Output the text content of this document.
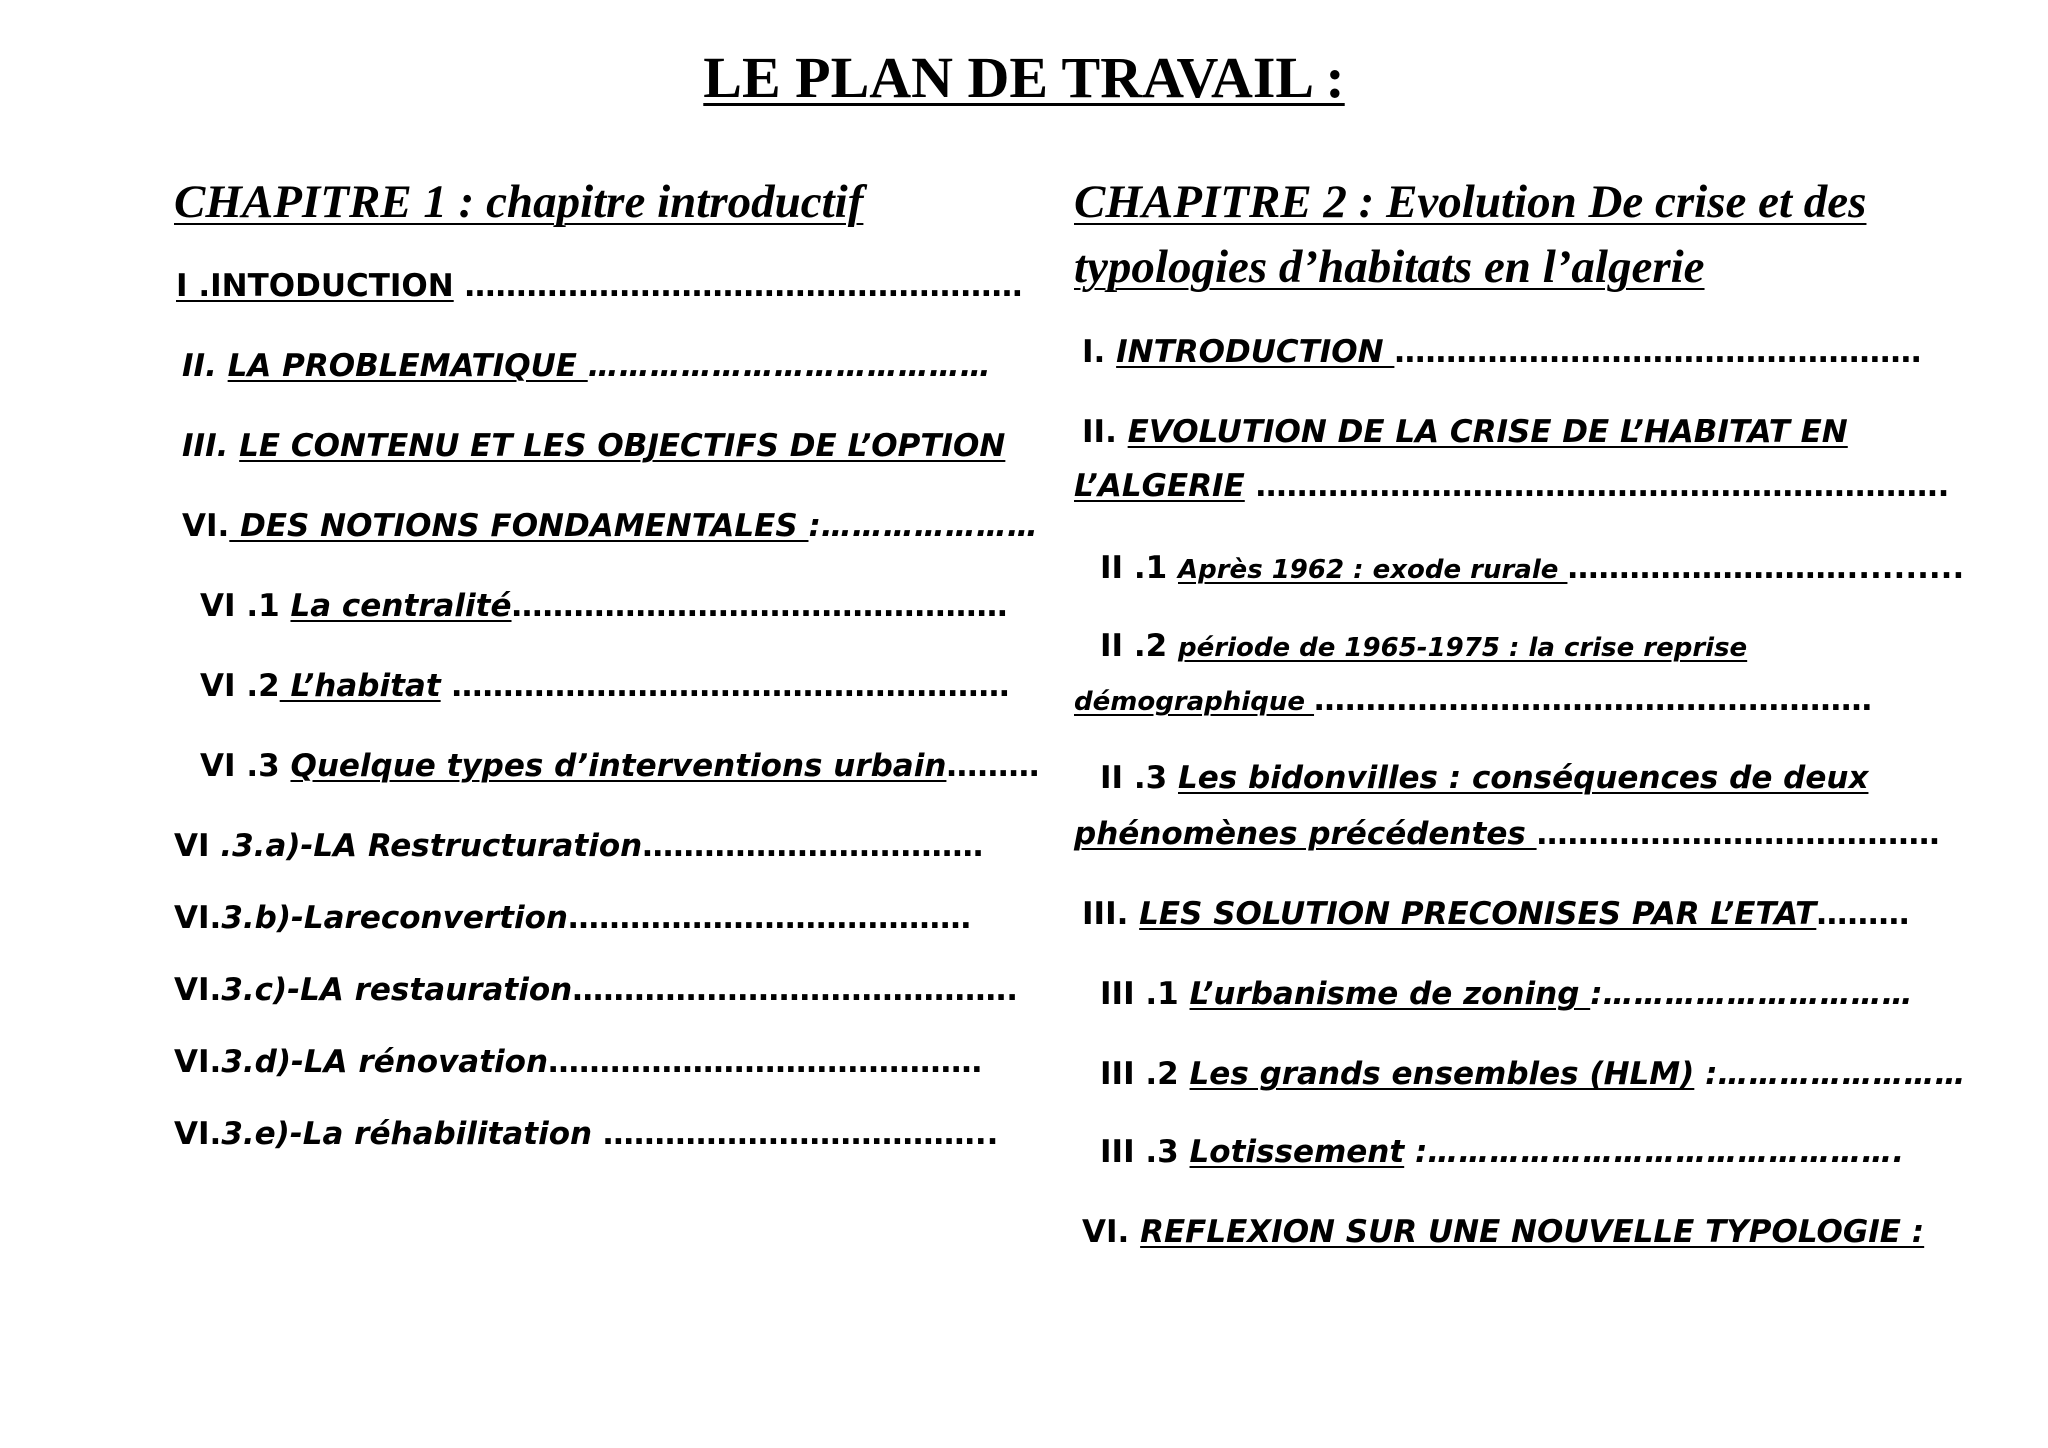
LE PLAN DE TRAVAIL :
CHAPITRE 1 : chapitre introductif
I .INTODUCTION ………………………………………………
II. LA PROBLEMATIQUE …………………………………
III. LE CONTENU ET LES OBJECTIFS DE L’OPTION
VI. DES NOTIONS FONDAMENTALES :…………………
VI .1 La centralité…………………………………………
VI .2 L’habitat ………………………………………………
VI .3 Quelque types d’interventions urbain………
VI .3.a)-LA Restructuration……………………………
VI.3.b)-Lareconvertion…………………………………
VI.3.c)-LA restauration…………………………………….
VI.3.d)-LA rénovation……………………………………
VI.3.e)-La réhabilitation ………………………………..
CHAPITRE 2 : Evolution De crise et des typologies d’habitats en l’algerie
I. INTRODUCTION ……………………………………………
II. EVOLUTION DE LA CRISE DE L’HABITAT EN
L’ALGERIE ………………………………………………………….
II .1 Après 1962 : exode rurale ………………………..........
II .2 période de 1965-1975 : la crise reprise
démographique ………………………………………………
II .3 Les bidonvilles : conséquences de deux
phénomènes précédentes …………………………………
III. LES SOLUTION PRECONISES PAR L’ETAT………
III .1 L’urbanisme de zoning :…………………………
III .2 Les grands ensembles (HLM) :……………………
III .3 Lotissement :……………………………………….
VI. REFLEXION SUR UNE NOUVELLE TYPOLOGIE :
